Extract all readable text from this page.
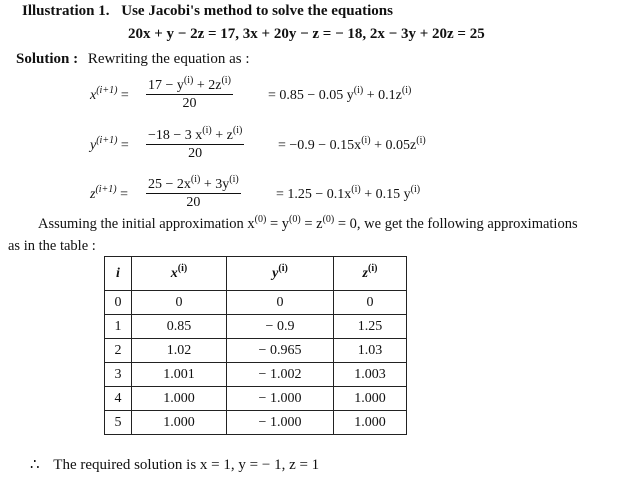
Illustration 1. Use Jacobi's method to solve the equations
20x + y − 2z = 17, 3x + 20y − z = − 18, 2x − 3y + 20z = 25
Solution : Rewriting the equation as :
$x^{(i+1)} = \frac{17 - y^{(i)} + 2z^{(i)}}{20}$	= 0.85 − 0.05 $y^{(i)} + 0.1z^{(i)}$
$y^{(i+1)} = \frac{-18 - 3 x^{(i)} + z^{(i)}}{20} = -0.9 - 0.15x^{(i)} + 0.05z^{(i)}$
$z^{(i+1)} = \frac{25 - 2x^{(i)} + 3y^{(i)}}{20}$	= $1.25 - 0.1x^{(i)} + 0.15$ $y^{(i)}$
Assuming the initial approximation $x^{(0)} = y^{(0)} = z^{(0)} = 0$, we get the following approximations
as in the table :
i	$x^{(i)}$	$y^{(i)}$	$z^{(i)}$
0	0	0	0
1	0.85	− 0.9	1.25
2	1.02	− 0.965	1.03
3	1.001	− 1.002	1.003
4	1.000	− 1.000	1.000
5	1.000	− 1.000	1.000
∴ The required solution is x = 1, y = − 1, z = 1
